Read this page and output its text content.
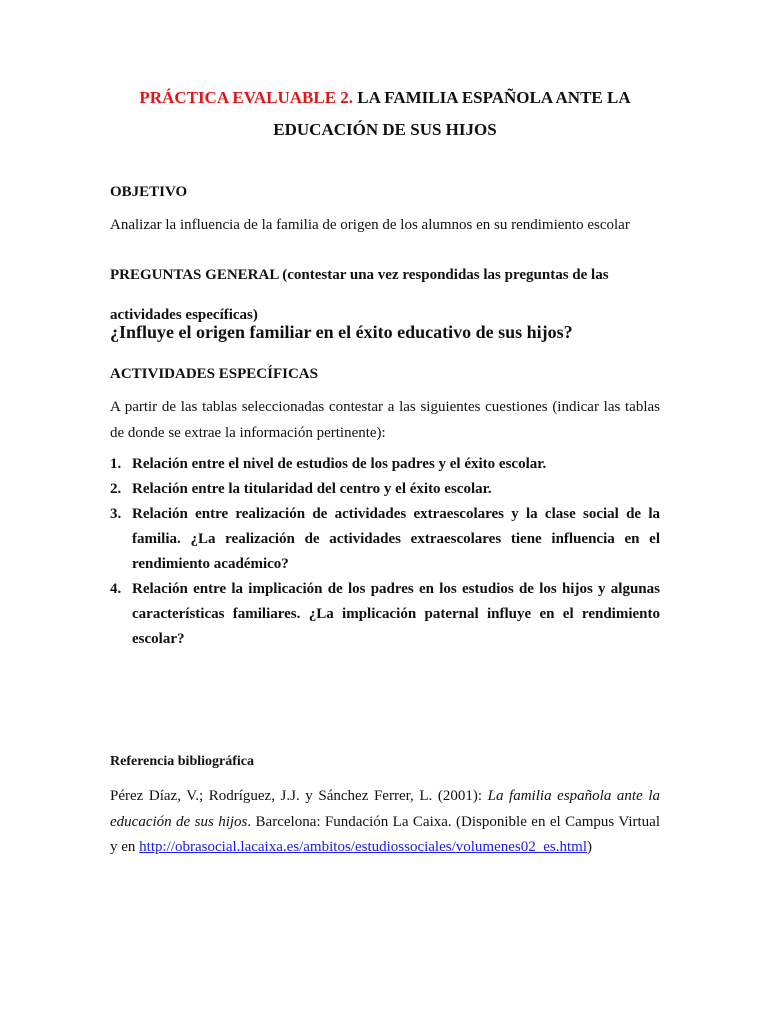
PRÁCTICA EVALUABLE 2. LA FAMILIA ESPAÑOLA ANTE LA
EDUCACIÓN DE SUS HIJOS
OBJETIVO
Analizar la influencia de la familia de origen de los alumnos en su rendimiento escolar
PREGUNTAS GENERAL (contestar una vez respondidas las preguntas de las
actividades específicas)
¿Influye el origen familiar en el éxito educativo de sus hijos?
ACTIVIDADES ESPECÍFICAS
A partir de las tablas seleccionadas contestar a las siguientes cuestiones (indicar las tablas de donde se extrae la información pertinente):
1. Relación entre el nivel de estudios de los padres y el éxito escolar.
2. Relación entre la titularidad del centro y el éxito escolar.
3. Relación entre realización de actividades extraescolares y la clase social de la familia. ¿La realización de actividades extraescolares tiene influencia en el rendimiento académico?
4. Relación entre la implicación de los padres en los estudios de los hijos y algunas características familiares. ¿La implicación paternal influye en el rendimiento escolar?
Referencia bibliográfica
Pérez Díaz, V.; Rodríguez, J.J. y Sánchez Ferrer, L. (2001): La familia española ante la educación de sus hijos. Barcelona: Fundación La Caixa. (Disponible en el Campus Virtual y en http://obrasocial.lacaixa.es/ambitos/estudiossociales/volumenes02_es.html)
